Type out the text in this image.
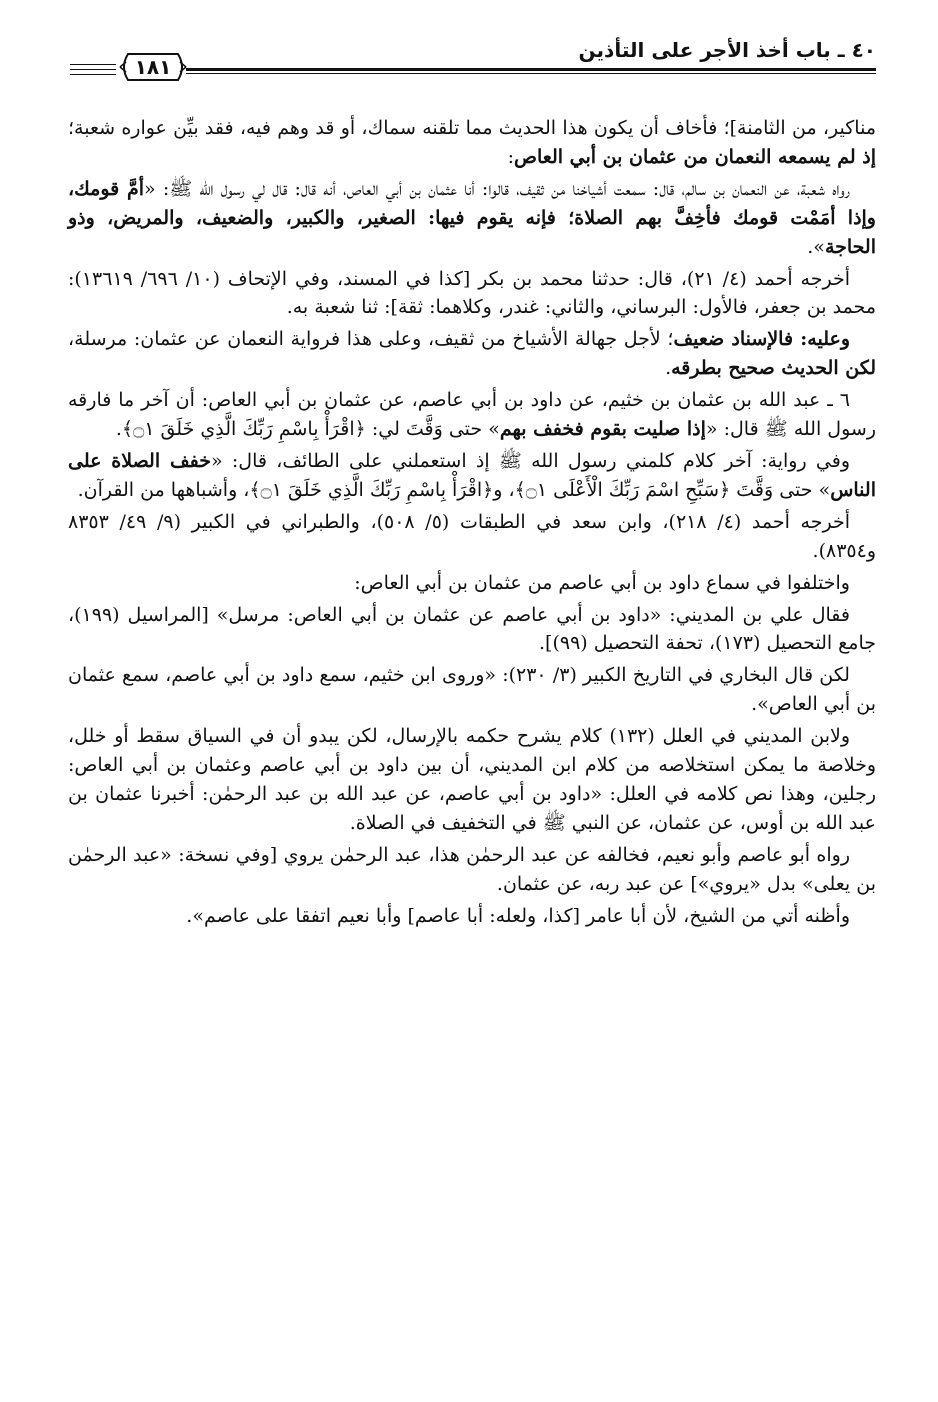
٤٠ ـ باب أخذ الأجر على التأذين
١٨١

مناكير، من الثامنة]؛ فأخاف أن يكون هذا الحديث مما تلقنه سماك، أو قد وهم فيه، فقد بيِّن عواره شعبة؛ إذ لم يسمعه النعمان من عثمان بن أبي العاص:

رواه شعبة، عن النعمان بن سالم، قال: سمعت أشياخنا من ثقيف، قالوا: أنا عثمان بن أبي العاص، أنه قال: قال لي رسول الله ﷺ: «أمَّ قومك، وإذا أمَمْت قومك فأخِفَّ بهم الصلاة؛ فإنه يقوم فيها: الصغير، والكبير، والضعيف، والمريض، وذو الحاجة».

أخرجه أحمد (٤/ ٢١)، قال: حدثنا محمد بن بكر [كذا في المسند، وفي الإتحاف (١٠/ ٦٩٦/ ١٣٦١٩): محمد بن جعفر، فالأول: البرساني، والثاني: غندر، وكلاهما: ثقة]: ثنا شعبة به.

وعليه: فالإسناد ضعيف؛ لأجل جهالة الأشياخ من ثقيف، وعلى هذا فرواية النعمان عن عثمان: مرسلة، لكن الحديث صحيح بطرقه.

٦ ـ عبد الله بن عثمان بن خثيم، عن داود بن أبي عاصم، عن عثمان بن أبي العاص: أن آخر ما فارقه رسول الله ﷺ قال: «إذا صليت بقوم فخفف بهم» حتى وَقَّتَ لي: ﴿اقْرَأْ بِاسْمِ رَبِّكَ الَّذِي خَلَقَ ۝١﴾.

وفي رواية: آخر كلام كلمني رسول الله ﷺ إذ استعملني على الطائف، قال: «خفف الصلاة على الناس» حتى وَقَّتَ ﴿سَبِّحِ اسْمَ رَبِّكَ الْأَعْلَى ۝١﴾، و﴿اقْرَأْ بِاسْمِ رَبِّكَ الَّذِي خَلَقَ ۝١﴾، وأشباهها من القرآن.

أخرجه أحمد (٤/ ٢١٨)، وابن سعد في الطبقات (٥/ ٥٠٨)، والطبراني في الكبير (٩/ ٤٩/ ٨٣٥٣ و٨٣٥٤).

واختلفوا في سماع داود بن أبي عاصم من عثمان بن أبي العاص:

فقال علي بن المديني: «داود بن أبي عاصم عن عثمان بن أبي العاص: مرسل» [المراسيل (١٩٩)، جامع التحصيل (١٧٣)، تحفة التحصيل (٩٩)].

لكن قال البخاري في التاريخ الكبير (٣/ ٢٣٠): «وروى ابن خثيم، سمع داود بن أبي عاصم، سمع عثمان بن أبي العاص».

ولابن المديني في العلل (١٣٢) كلام يشرح حكمه بالإرسال، لكن يبدو أن في السياق سقط أو خلل، وخلاصة ما يمكن استخلاصه من كلام ابن المديني، أن بين داود بن أبي عاصم وعثمان بن أبي العاص: رجلين، وهذا نص كلامه في العلل: «داود بن أبي عاصم، عن عبد الله بن عبد الرحمٰن: أخبرنا عثمان بن عبد الله بن أوس، عن عثمان، عن النبي ﷺ في التخفيف في الصلاة.

رواه أبو عاصم وأبو نعيم، فخالفه عن عبد الرحمٰن هذا، عبد الرحمٰن يروي [وفي نسخة: «عبد الرحمٰن بن يعلى» بدل «يروي»] عن عبد ربه، عن عثمان.

وأظنه أتي من الشيخ، لأن أبا عامر [كذا، ولعله: أبا عاصم] وأبا نعيم اتفقا على عاصم».
